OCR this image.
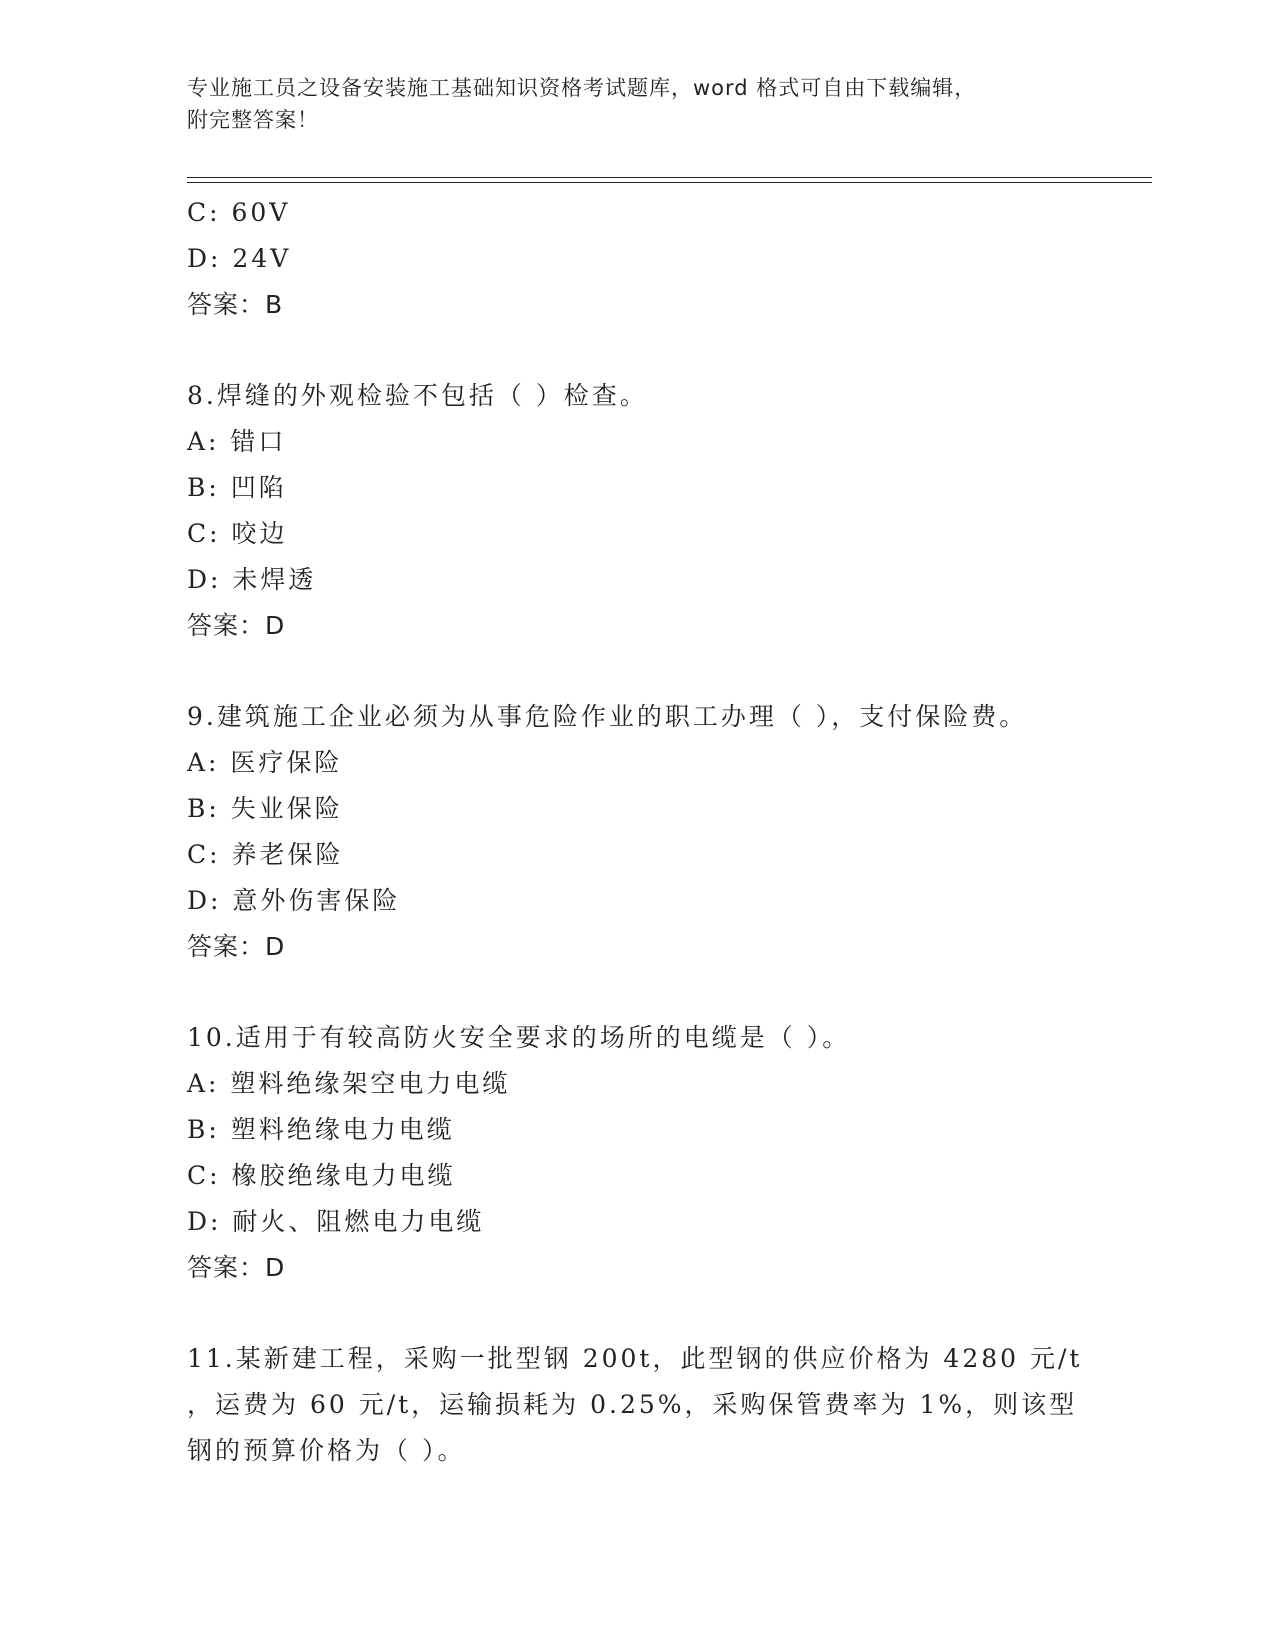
专业施工员之设备安装施工基础知识资格考试题库，word 格式可自由下载编辑，
附完整答案！
C: 60V
D: 24V
答案：B
8.焊缝的外观检验不包括（ ）检查。
A: 错口
B: 凹陷
C: 咬边
D: 未焊透
答案：D
9.建筑施工企业必须为从事危险作业的职工办理（ ），支付保险费。
A: 医疗保险
B: 失业保险
C: 养老保险
D: 意外伤害保险
答案：D
10.适用于有较高防火安全要求的场所的电缆是（ ）。
A: 塑料绝缘架空电力电缆
B: 塑料绝缘电力电缆
C: 橡胶绝缘电力电缆
D: 耐火、阻燃电力电缆
答案：D
11.某新建工程，采购一批型钢 200t，此型钢的供应价格为 4280 元/t
，运费为 60 元/t，运输损耗为 0.25%，采购保管费率为 1%，则该型
钢的预算价格为（ ）。
